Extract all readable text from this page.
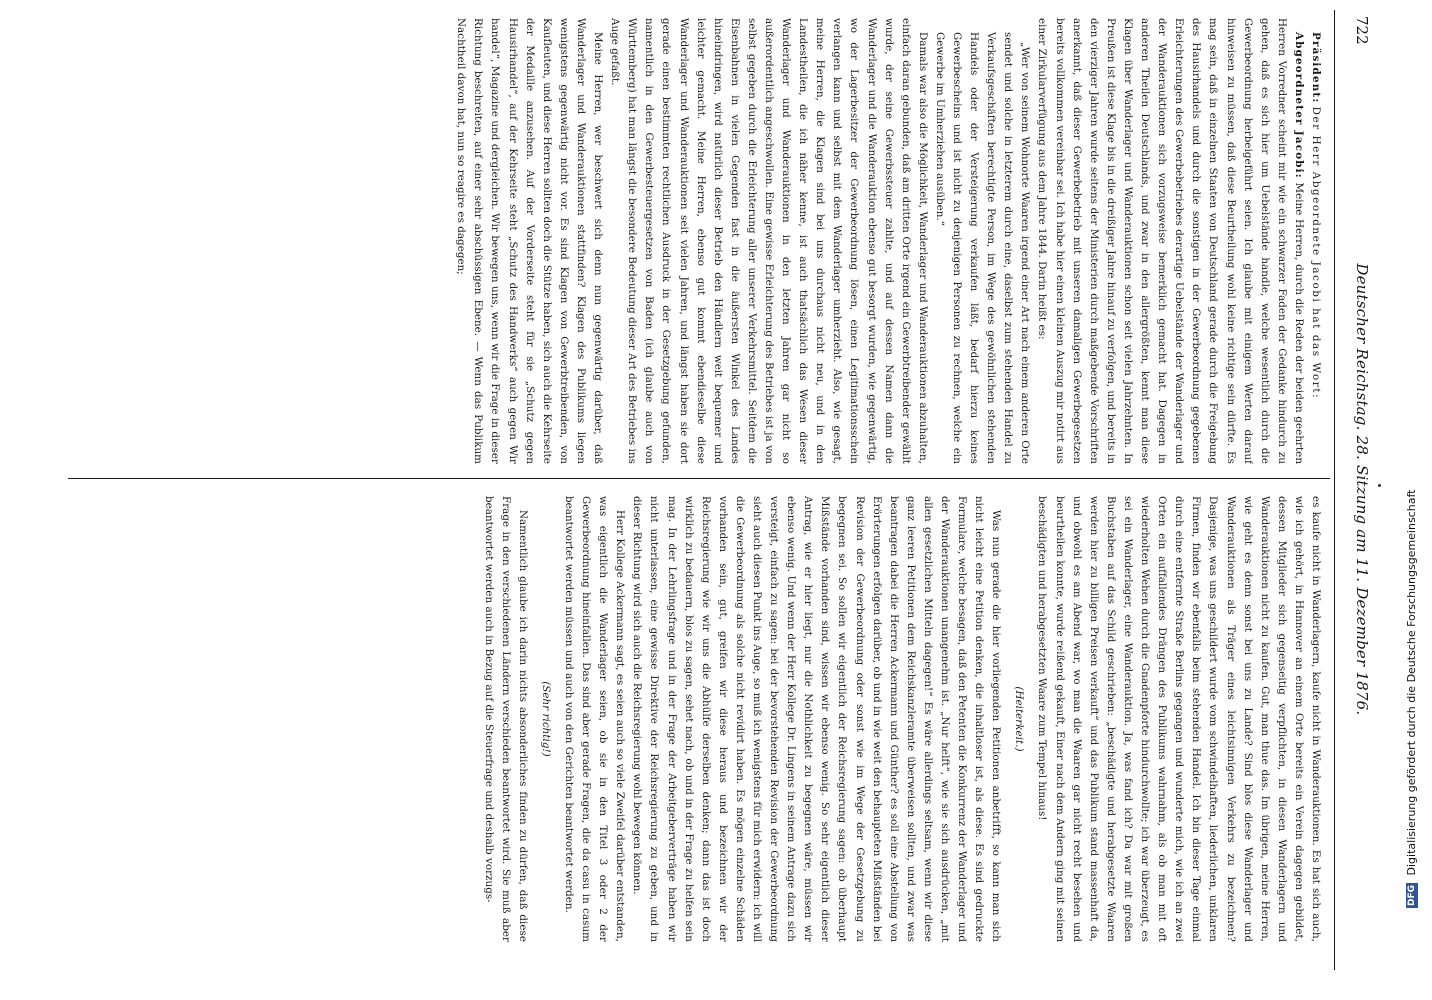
722
Deutscher Reichstag. 28. Sitzung am 11. Dezember 1876.

Präsident: Der Herr Abgeordnete Jacobi hat das Wort:

Abgeordneter Jacobi: Meine Herren, durch die Reden der beiden geehrten Herren Vorredner scheint mir wie ein schwarzer Faden der Gedanke hindurch zu gehen, daß es sich hier um Uebelstände handle, welche wesentlich durch die Gewerbeordnung herbeigeführt seien. Ich glaube mit einigem Werten darauf hinweisen zu müssen, daß diese Beurtheilung wohl keine richtige sein dürfte. Es mag sein, daß in einzelnen Staaten von Deutschland gerade durch die Freigebung des Hausirhandels und durch die sonstigen in der Gewerbeordnung gegebenen Erleichterungen des Gewerbebetriebes derartige Uebelstände der Wanderlager und der Wanderauktionen sich vorzugsweise bemerklich gemacht hat. Dagegen in anderen Theilen Deutschlands, und zwar in den allergrößten, kennt man diese Klagen über Wanderlager und Wanderauktionen schon seit vielen Jahrzehnten. In Preußen ist diese Klage bis in die dreißiger Jahre hinauf zu verfolgen, und bereits in den vierziger Jahren wurde seitens der Ministerien durch maßgebende Vorschriften anerkannt, daß dieser Gewerbebetrieb mit unseren damaligen Gewerbegesetzen bereits vollkommen vereinbar sei. Ich habe hier einen kleinen Auszug mir notirt aus einer Zirkularverfügung aus dem Jahre 1844. Darin heißt es:

„Wer von seinem Wohnorte Waaren irgend einer Art nach einem anderen Orte sendet und solche in letzterem durch eine, daselbst zum stehenden Handel zu Verkaufsgeschäften berechtigte Person, im Wege des gewöhnlichen stehenden Handels oder der Versteigerung verkaufen läßt, bedarf hierzu keines Gewerbescheins und ist nicht zu denjenigen Personen zu rechnen, welche ein Gewerbe im Umherziehen ausüben.“

Damals war also die Möglichkeit, Wanderlager und Wanderauktionen abzuhalten, einfach daran gebunden, daß am dritten Orte irgend ein Gewerbtreibender gewählt wurde, der seine Gewerbssteuer zahlte, und auf dessen Namen dann die Wanderlager und die Wanderauktion ebenso gut besorgt wurden, wie gegenwärtig, wo der Lagerbesitzer der Gewerbeordnung lösen, einen Legitimationsschein verlangen kann und selbst mit dem Wanderlager umherzieht. Also, wie gesagt, meine Herren, die Klagen sind bei uns durchaus nicht neu, und in den Landestheilen, die ich näher kenne, ist auch thatsächlich das Wesen dieser Wanderlager und Wanderauktionen in den letzten Jahren gar nicht so außerordentlich angeschwollen. Eine gewisse Erleichterung des Betriebes ist ja von selbst gegeben durch die Erleichterung aller unserer Verkehrsmittel. Seitdem die Eisenbahnen in vielen Gegenden fast in die äußersten Winkel des Landes hineindringen, wird natürlich dieser Betrieb den Händlern weit bequemer und leichter gemacht. Meine Herren, ebenso gut kommt ebendieselbe diese Wanderlager und Wanderauktionen seit vielen Jahren, und längst haben sie dort gerade einen bestimmten rechtlichen Ausdruck in der Gesetzgebung gefunden, namentlich in den Gewerbesteuergesetzen von Baden (ich glaube auch von Württemberg) hat man längst die besondere Bedeutung dieser Art des Betriebes ins Auge gefaßt.

Meine Herren, wer beschwert sich denn nun gegenwärtig darüber, daß Wanderlager und Wanderauktionen stattfinden? Klagen des Publikums liegen wenigstens gegenwärtig nicht vor. Es sind Klagen von Gewerbtreibenden, von Kaufleuten, und diese Herren sollten doch die Stütze haben, sich auch die Kehrseite der Medaille anzusehen. Auf der Vorderseite steht für sie „Schutz gegen Hausirhandel“, auf der Kehrseite steht „Schutz des Handwerks“ auch gegen Wir handel“, Magazine und dergleichen. Wir bewegen uns, wenn wir die Frage in dieser Richtung beschreiten, auf einer sehr abschüssigen Ebene. — Wenn das Publikum Nachtheil davon hat, nun so reagire es dagegen;

es kaufe nicht in Wanderlagern, kaufe nicht in Wanderauktionen. Es hat sich auch, wie ich gehört, in Hannover an einem Orte bereits ein Verein dagegen gebildet, dessen Mitglieder sich gegenseitig verpflichten, in diesen Wanderlagern und Wanderauktionen nicht zu kaufen. Gut, man thue das. Im übrigen, meine Herren, wie geht es denn sonst bei uns zu Lande? Sind blos diese Wanderlager und Wanderauktionen als Träger eines leichtsinnigen Verkehrs zu bezeichnen? Dasjenige, was uns geschildert wurde vom schwindelhaften, liederlichen, unklaren Firmen, finden wir ebenfalls beim stehenden Handel. Ich bin dieser Tage einmal durch eine entfernte Straße Berlins gegangen und wunderte mich, wie ich an zwei Orten ein auffallendes Drängen des Publikums wahrnahm, als ob man mit oft wiederholten Wehen durch die Gnadenpforte hindurchwollte; ich war überzeugt, es sei ein Wanderlager, eine Wanderauktion. Ja, was fand ich? Da war mit großen Buchstaben auf das Schild geschrieben: „beschädigte und herabgesetzte Waaren werden hier zu billigen Preisen verkauft“ und das Publikum stand massenhaft da, und obwohl es am Abend war, wo man die Waaren gar nicht recht besehen und beurtheilen konnte, wurde reißend gekauft, Einer nach dem Andern ging mit seinen beschädigten und herabgesetzten Waare zum Tempel hinaus!

(Heiterkeit.)

Was nun gerade die hier vorliegenden Petitionen anbetrifft, so kann man sich nicht leicht eine Petition denken, die inhaltloser ist, als diese. Es sind gedruckte Formulare, welche besagen, daß den Petenten die Konkurrenz der Wanderlager und der Wanderauktionen unangenehm ist. „Nur helft“, wie sie sich ausdrücken, „mit allen gesetzlichen Mitteln dagegen!“ Es wäre allerdings seltsam, wenn wir diese ganz leeren Petitionen dem Reichskanzleramte überweisen sollten, und zwar was beantragen dabei die Herren Ackermann und Günther? es soll eine Abstellung von Erörterungen erfolgen darüber, ob und in wie weit den behaupteten Mißständen bei Revision der Gewerbeordnung oder sonst wie im Wege der Gesetzgebung zu begegnen sei. So sollen wir eigentlich der Reichsregierung sagen: ob überhaupt Mißstände vorhanden sind, wissen wir ebenso wenig. So sehr eigentlich dieser Antrag, wie er hier liegt, nur die Nothlichkeit zu begegnen wäre, müssen wir ebenso wenig. Und wenn der Herr Kollege Dr. Lingens in seinem Antrage dazu sich versteigt, einfach zu sagen: bei der bevorstehenden Revision der Gewerbeordnung sieht auch diesen Punkt ins Auge, so muß ich wenigstens für mich erwidern: ich will die Gewerbeordnung als solche nicht revidirt haben. Es mögen einzelne Schäden vorhanden sein, gut, greifen wir diese heraus und bezeichnen wir der Reichsregierung wie wir uns die Abhülfe derselben denken; dann das ist doch wirklich zu bedauern, blos zu sagen, sehet nach, ob und in der Frage zu helfen sein mag. In der Lehrlingsfrage und in der Frage der Arbeitgeberverträge haben wir nicht unterlassen, eine gewisse Direktive der Reichsregierung zu geben, und in dieser Richtung wird sich auch die Reichsregierung wohl bewegen können.

Herr Kollege Ackermann sagt, es seien auch so viele Zweifel darüber entstanden, was eigentlich die Wanderlager seien, ob sie in den Titel 3 oder 2 der Gewerbeordnung hineinfallen. Das sind aber gerade Fragen, die da casu in casum beantwortet werden müssen und auch von den Gerichten beantwortet werden.

(Sehr richtig!)

Namentlich glaube ich darin nichts absonderliches finden zu dürfen, daß diese Frage in den verschiedenen Ländern verschieden beantwortet wird. Sie muß aber beantwortet werden auch in Bezug auf die Steuerfrage und deshalb vorzugs-	DFG Digitalisierung gefördert durch die Deutsche Forschungsgemeinschaft
